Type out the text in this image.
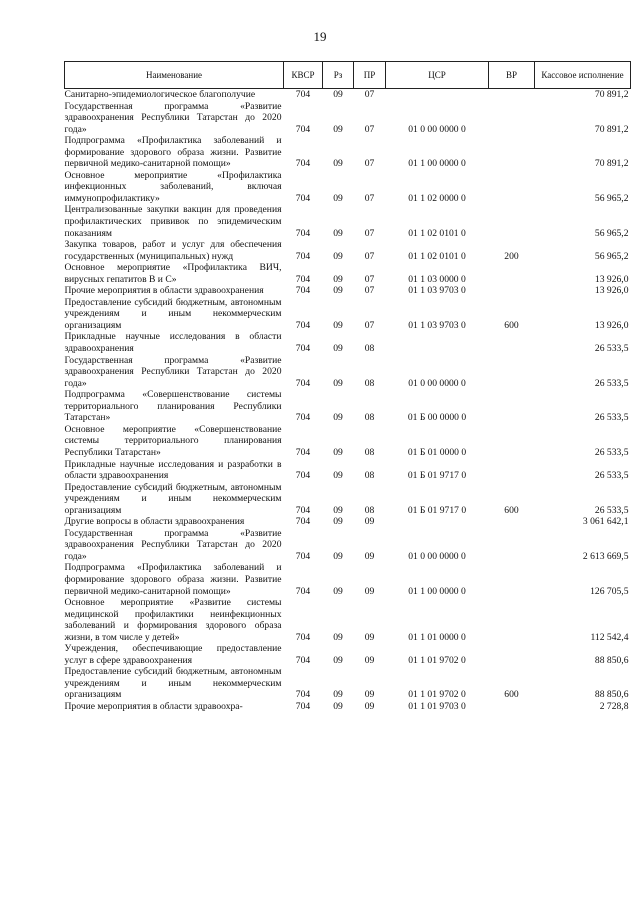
19
Наименование	КВСР	Рз	ПР	ЦСР	ВР	Кассовое исполнение
Санитарно-эпидемиологическое благополучие	704	09	07			70 891,2
Государственная программа «Развитие здравоохранения Республики Татарстан до 2020 года»	704	09	07	01 0 00 0000 0		70 891,2
Подпрограмма «Профилактика заболеваний и формирование здорового образа жизни. Развитие первичной медико-санитарной помощи»	704	09	07	01 1 00 0000 0		70 891,2
Основное мероприятие «Профилактика инфекционных заболеваний, включая иммунопрофилактику»	704	09	07	01 1 02 0000 0		56 965,2
Централизованные закупки вакцин для проведения профилактических прививок по эпидемическим показаниям	704	09	07	01 1 02 0101 0		56 965,2
Закупка товаров, работ и услуг для обеспечения государственных (муниципальных) нужд	704	09	07	01 1 02 0101 0	200	56 965,2
Основное мероприятие «Профилактика ВИЧ, вирусных гепатитов В и С»	704	09	07	01 1 03 0000 0		13 926,0
Прочие мероприятия в области здравоохранения	704	09	07	01 1 03 9703 0		13 926,0
Предоставление субсидий бюджетным, автономным учреждениям и иным некоммерческим организациям	704	09	07	01 1 03 9703 0	600	13 926,0
Прикладные научные исследования в области здравоохранения	704	09	08			26 533,5
Государственная программа «Развитие здравоохранения Республики Татарстан до 2020 года»	704	09	08	01 0 00 0000 0		26 533,5
Подпрограмма «Совершенствование системы территориального планирования Республики Татарстан»	704	09	08	01 Б 00 0000 0		26 533,5
Основное мероприятие «Совершенствование системы территориального планирования Республики Татарстан»	704	09	08	01 Б 01 0000 0		26 533,5
Прикладные научные исследования и разработки в области здравоохранения	704	09	08	01 Б 01 9717 0		26 533,5
Предоставление субсидий бюджетным, автономным учреждениям и иным некоммерческим организациям	704	09	08	01 Б 01 9717 0	600	26 533,5
Другие вопросы в области здравоохранения	704	09	09			3 061 642,1
Государственная программа «Развитие здравоохранения Республики Татарстан до 2020 года»	704	09	09	01 0 00 0000 0		2 613 669,5
Подпрограмма «Профилактика заболеваний и формирование здорового образа жизни. Развитие первичной медико-санитарной помощи»	704	09	09	01 1 00 0000 0		126 705,5
Основное мероприятие «Развитие системы медицинской профилактики неинфекционных заболеваний и формирования здорового образа жизни, в том числе у детей»	704	09	09	01 1 01 0000 0		112 542,4
Учреждения, обеспечивающие предоставление услуг в сфере здравоохранения	704	09	09	01 1 01 9702 0		88 850,6
Предоставление субсидий бюджетным, автономным учреждениям и иным некоммерческим организациям	704	09	09	01 1 01 9702 0	600	88 850,6
Прочие мероприятия в области здравоохра-	704	09	09	01 1 01 9703 0		2 728,8
